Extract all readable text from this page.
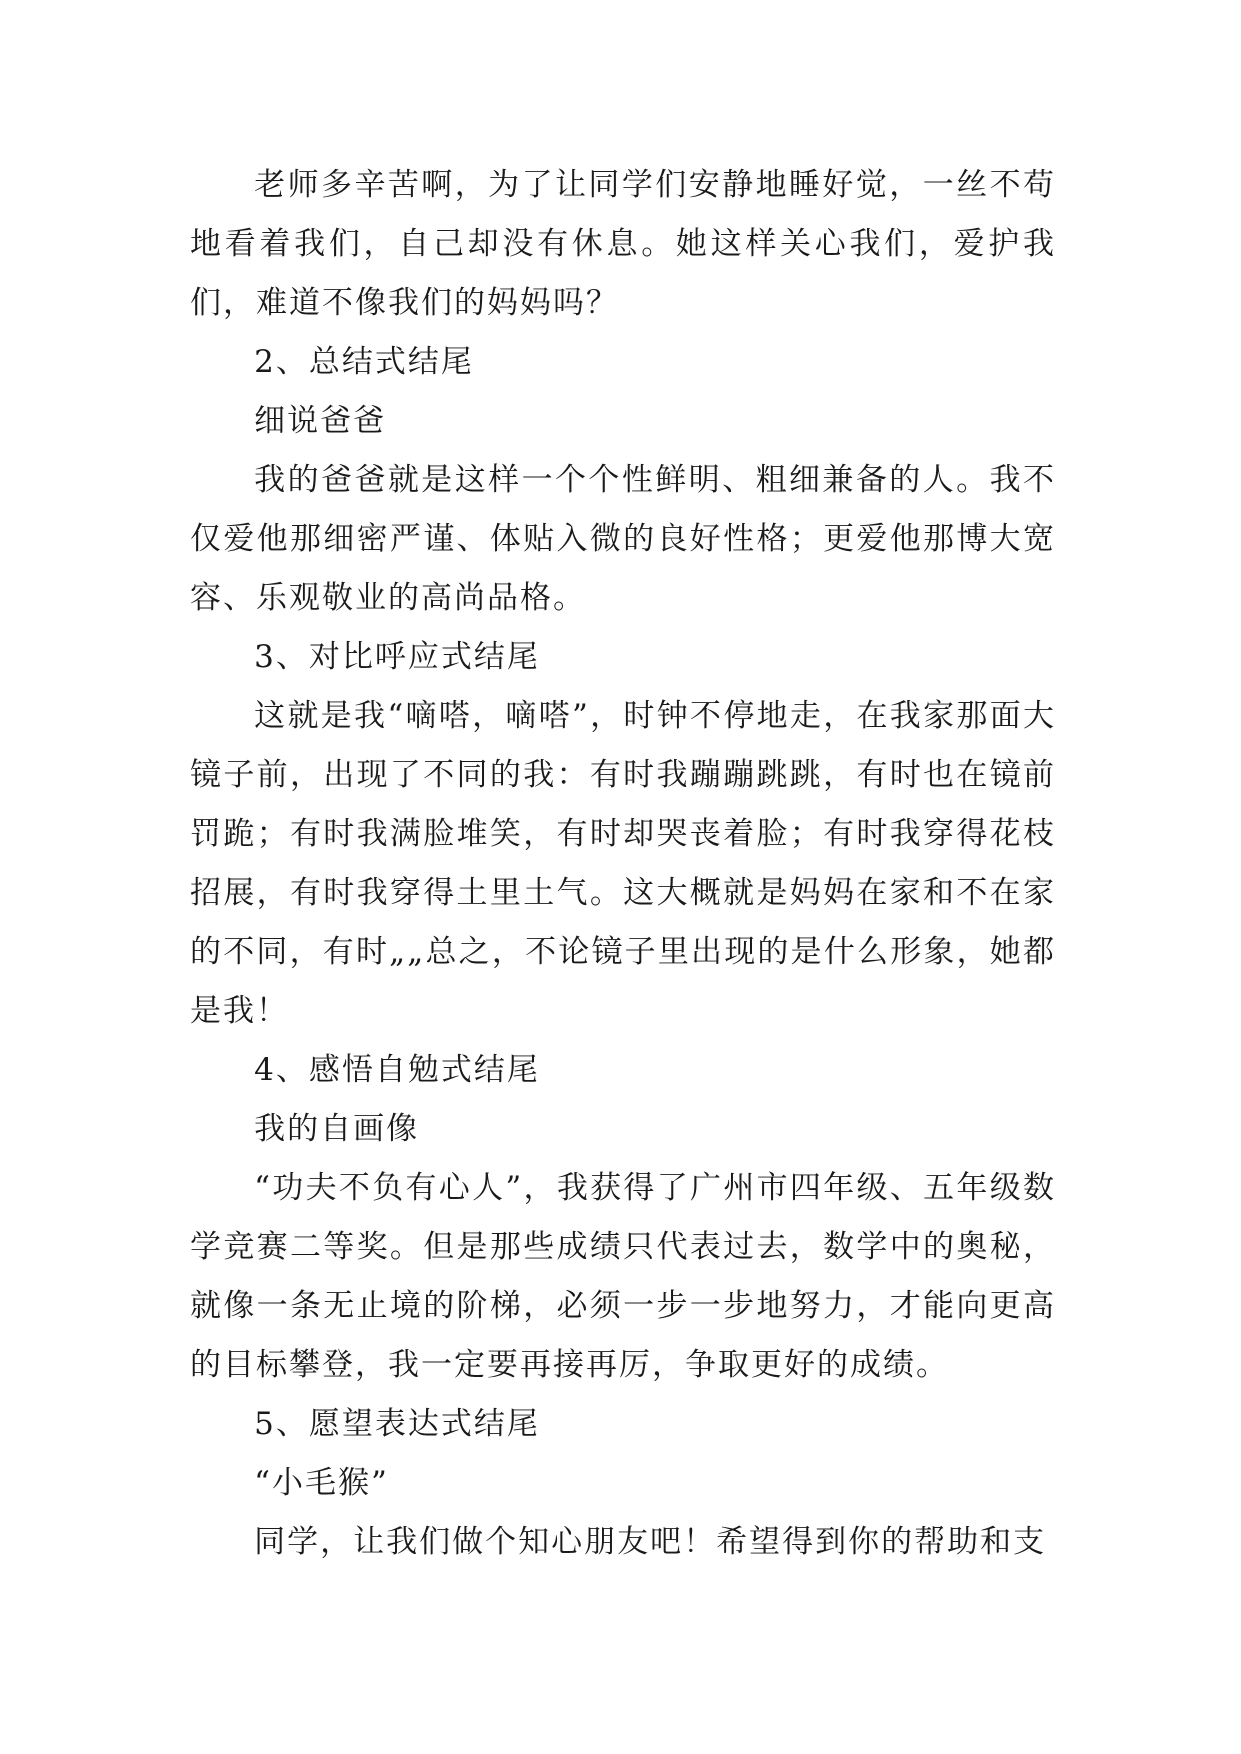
老师多辛苦啊，为了让同学们安静地睡好觉，一丝不苟地看着我们，自己却没有休息。她这样关心我们，爱护我们，难道不像我们的妈妈吗？

2、总结式结尾

细说爸爸

我的爸爸就是这样一个个性鲜明、粗细兼备的人。我不仅爱他那细密严谨、体贴入微的良好性格；更爱他那博大宽容、乐观敬业的高尚品格。

3、对比呼应式结尾

这就是我“嘀嗒，嘀嗒”，时钟不停地走，在我家那面大镜子前，出现了不同的我：有时我蹦蹦跳跳，有时也在镜前罚跪；有时我满脸堆笑，有时却哭丧着脸；有时我穿得花枝招展，有时我穿得土里土气。这大概就是妈妈在家和不在家的不同，有时„„总之，不论镜子里出现的是什么形象，她都是我！

4、感悟自勉式结尾

我的自画像

“功夫不负有心人”，我获得了广州市四年级、五年级数学竞赛二等奖。但是那些成绩只代表过去，数学中的奥秘，就像一条无止境的阶梯，必须一步一步地努力，才能向更高的目标攀登，我一定要再接再厉，争取更好的成绩。

5、愿望表达式结尾

“小毛猴”

同学，让我们做个知心朋友吧！希望得到你的帮助和支
